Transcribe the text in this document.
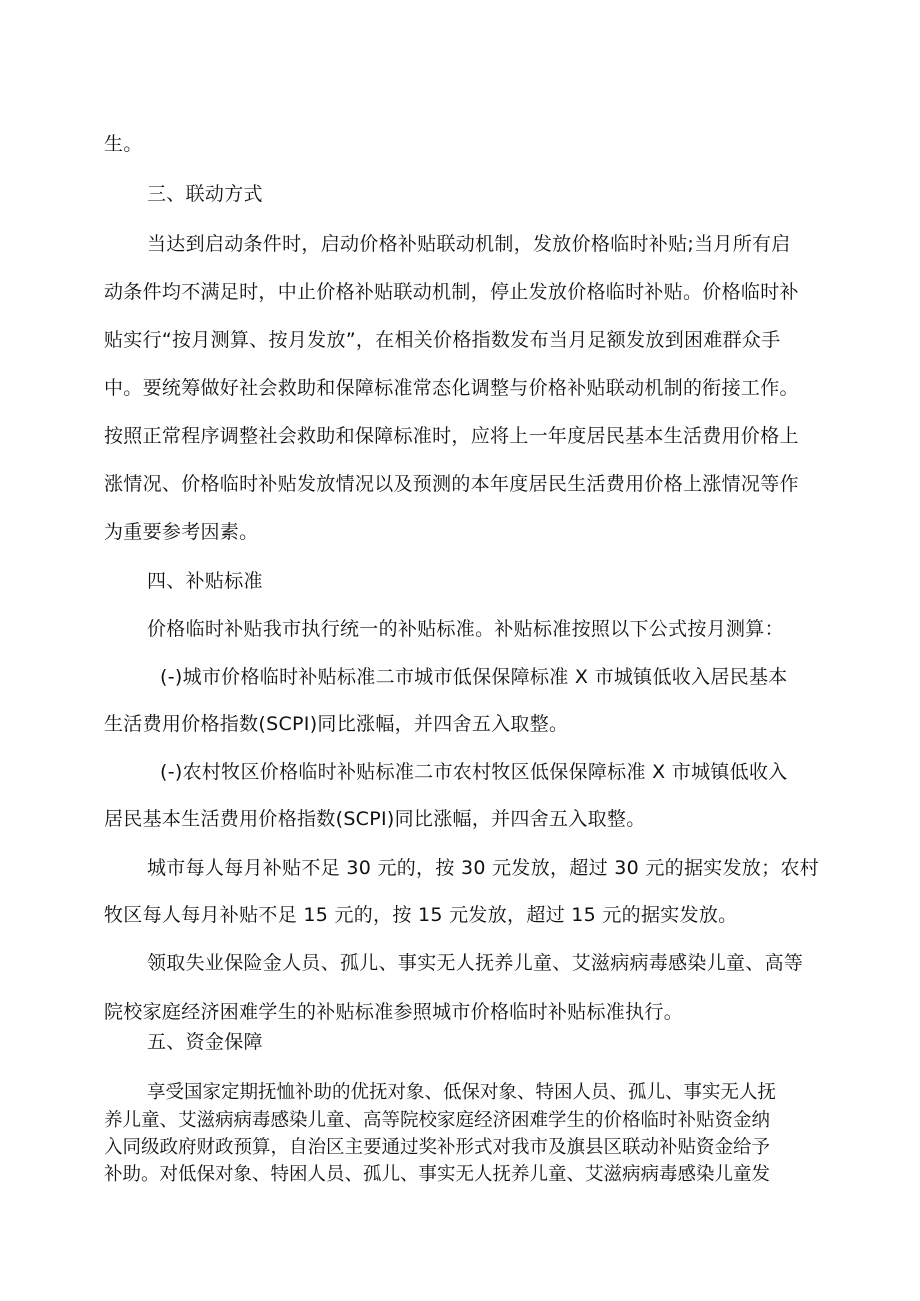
生。

三、联动方式

当达到启动条件时，启动价格补贴联动机制，发放价格临时补贴;当月所有启

动条件均不满足时，中止价格补贴联动机制，停止发放价格临时补贴。价格临时补

贴实行“按月测算、按月发放”，在相关价格指数发布当月足额发放到困难群众手

中。要统筹做好社会救助和保障标准常态化调整与价格补贴联动机制的衔接工作。

按照正常程序调整社会救助和保障标准时，应将上一年度居民基本生活费用价格上

涨情况、价格临时补贴发放情况以及预测的本年度居民生活费用价格上涨情况等作

为重要参考因素。

四、补贴标准

价格临时补贴我市执行统一的补贴标准。补贴标准按照以下公式按月测算：

(-)城市价格临时补贴标准二市城市低保保障标准 X 市城镇低收入居民基本

生活费用价格指数(SCPI)同比涨幅，并四舍五入取整。

(-)农村牧区价格临时补贴标准二市农村牧区低保保障标准 X 市城镇低收入

居民基本生活费用价格指数(SCPI)同比涨幅，并四舍五入取整。

城市每人每月补贴不足 30 元的，按 30 元发放，超过 30 元的据实发放；农村

牧区每人每月补贴不足 15 元的，按 15 元发放，超过 15 元的据实发放。

领取失业保险金人员、孤儿、事实无人抚养儿童、艾滋病病毒感染儿童、高等

院校家庭经济困难学生的补贴标准参照城市价格临时补贴标准执行。

五、资金保障

享受国家定期抚恤补助的优抚对象、低保对象、特困人员、孤儿、事实无人抚

养儿童、艾滋病病毒感染儿童、高等院校家庭经济困难学生的价格临时补贴资金纳

入同级政府财政预算，自治区主要通过奖补形式对我市及旗县区联动补贴资金给予

补助。对低保对象、特困人员、孤儿、事实无人抚养儿童、艾滋病病毒感染儿童发
